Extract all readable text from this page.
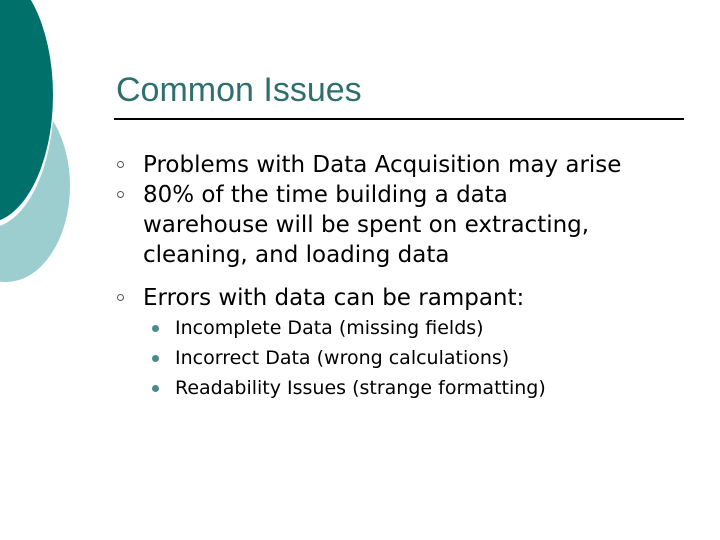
Common Issues
Problems with Data Acquisition may arise
80% of the time building a data
warehouse will be spent on extracting,
cleaning, and loading data
Errors with data can be rampant:
Incomplete Data (missing fields)
Incorrect Data (wrong calculations)
Readability Issues (strange formatting)
